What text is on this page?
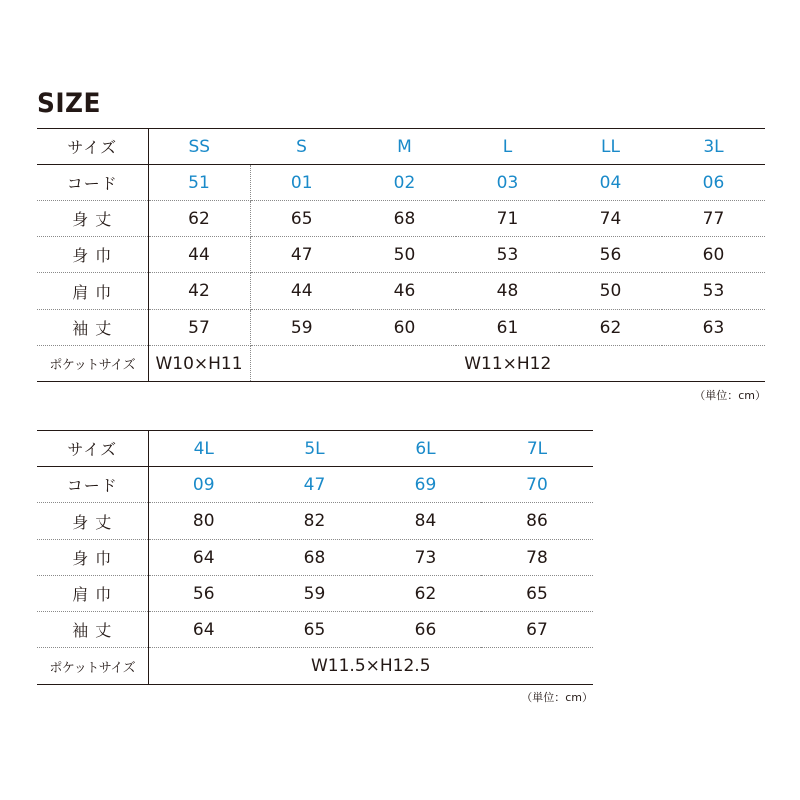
SIZE
サイズ	SS	S	M	L	LL	3L
コード	51	01	02	03	04	06
身 丈	62	65	68	71	74	77
身 巾	44	47	50	53	56	60
肩 巾	42	44	46	48	50	53
袖 丈	57	59	60	61	62	63
ポケットサイズ	W10×H11	W11×H12				
（単位：cm）
サイズ	4L	5L	6L	7L
コード	09	47	69	70
身 丈	80	82	84	86
身 巾	64	68	73	78
肩 巾	56	59	62	65
袖 丈	64	65	66	67
ポケットサイズ	W11.5×H12.5			
（単位：cm）
